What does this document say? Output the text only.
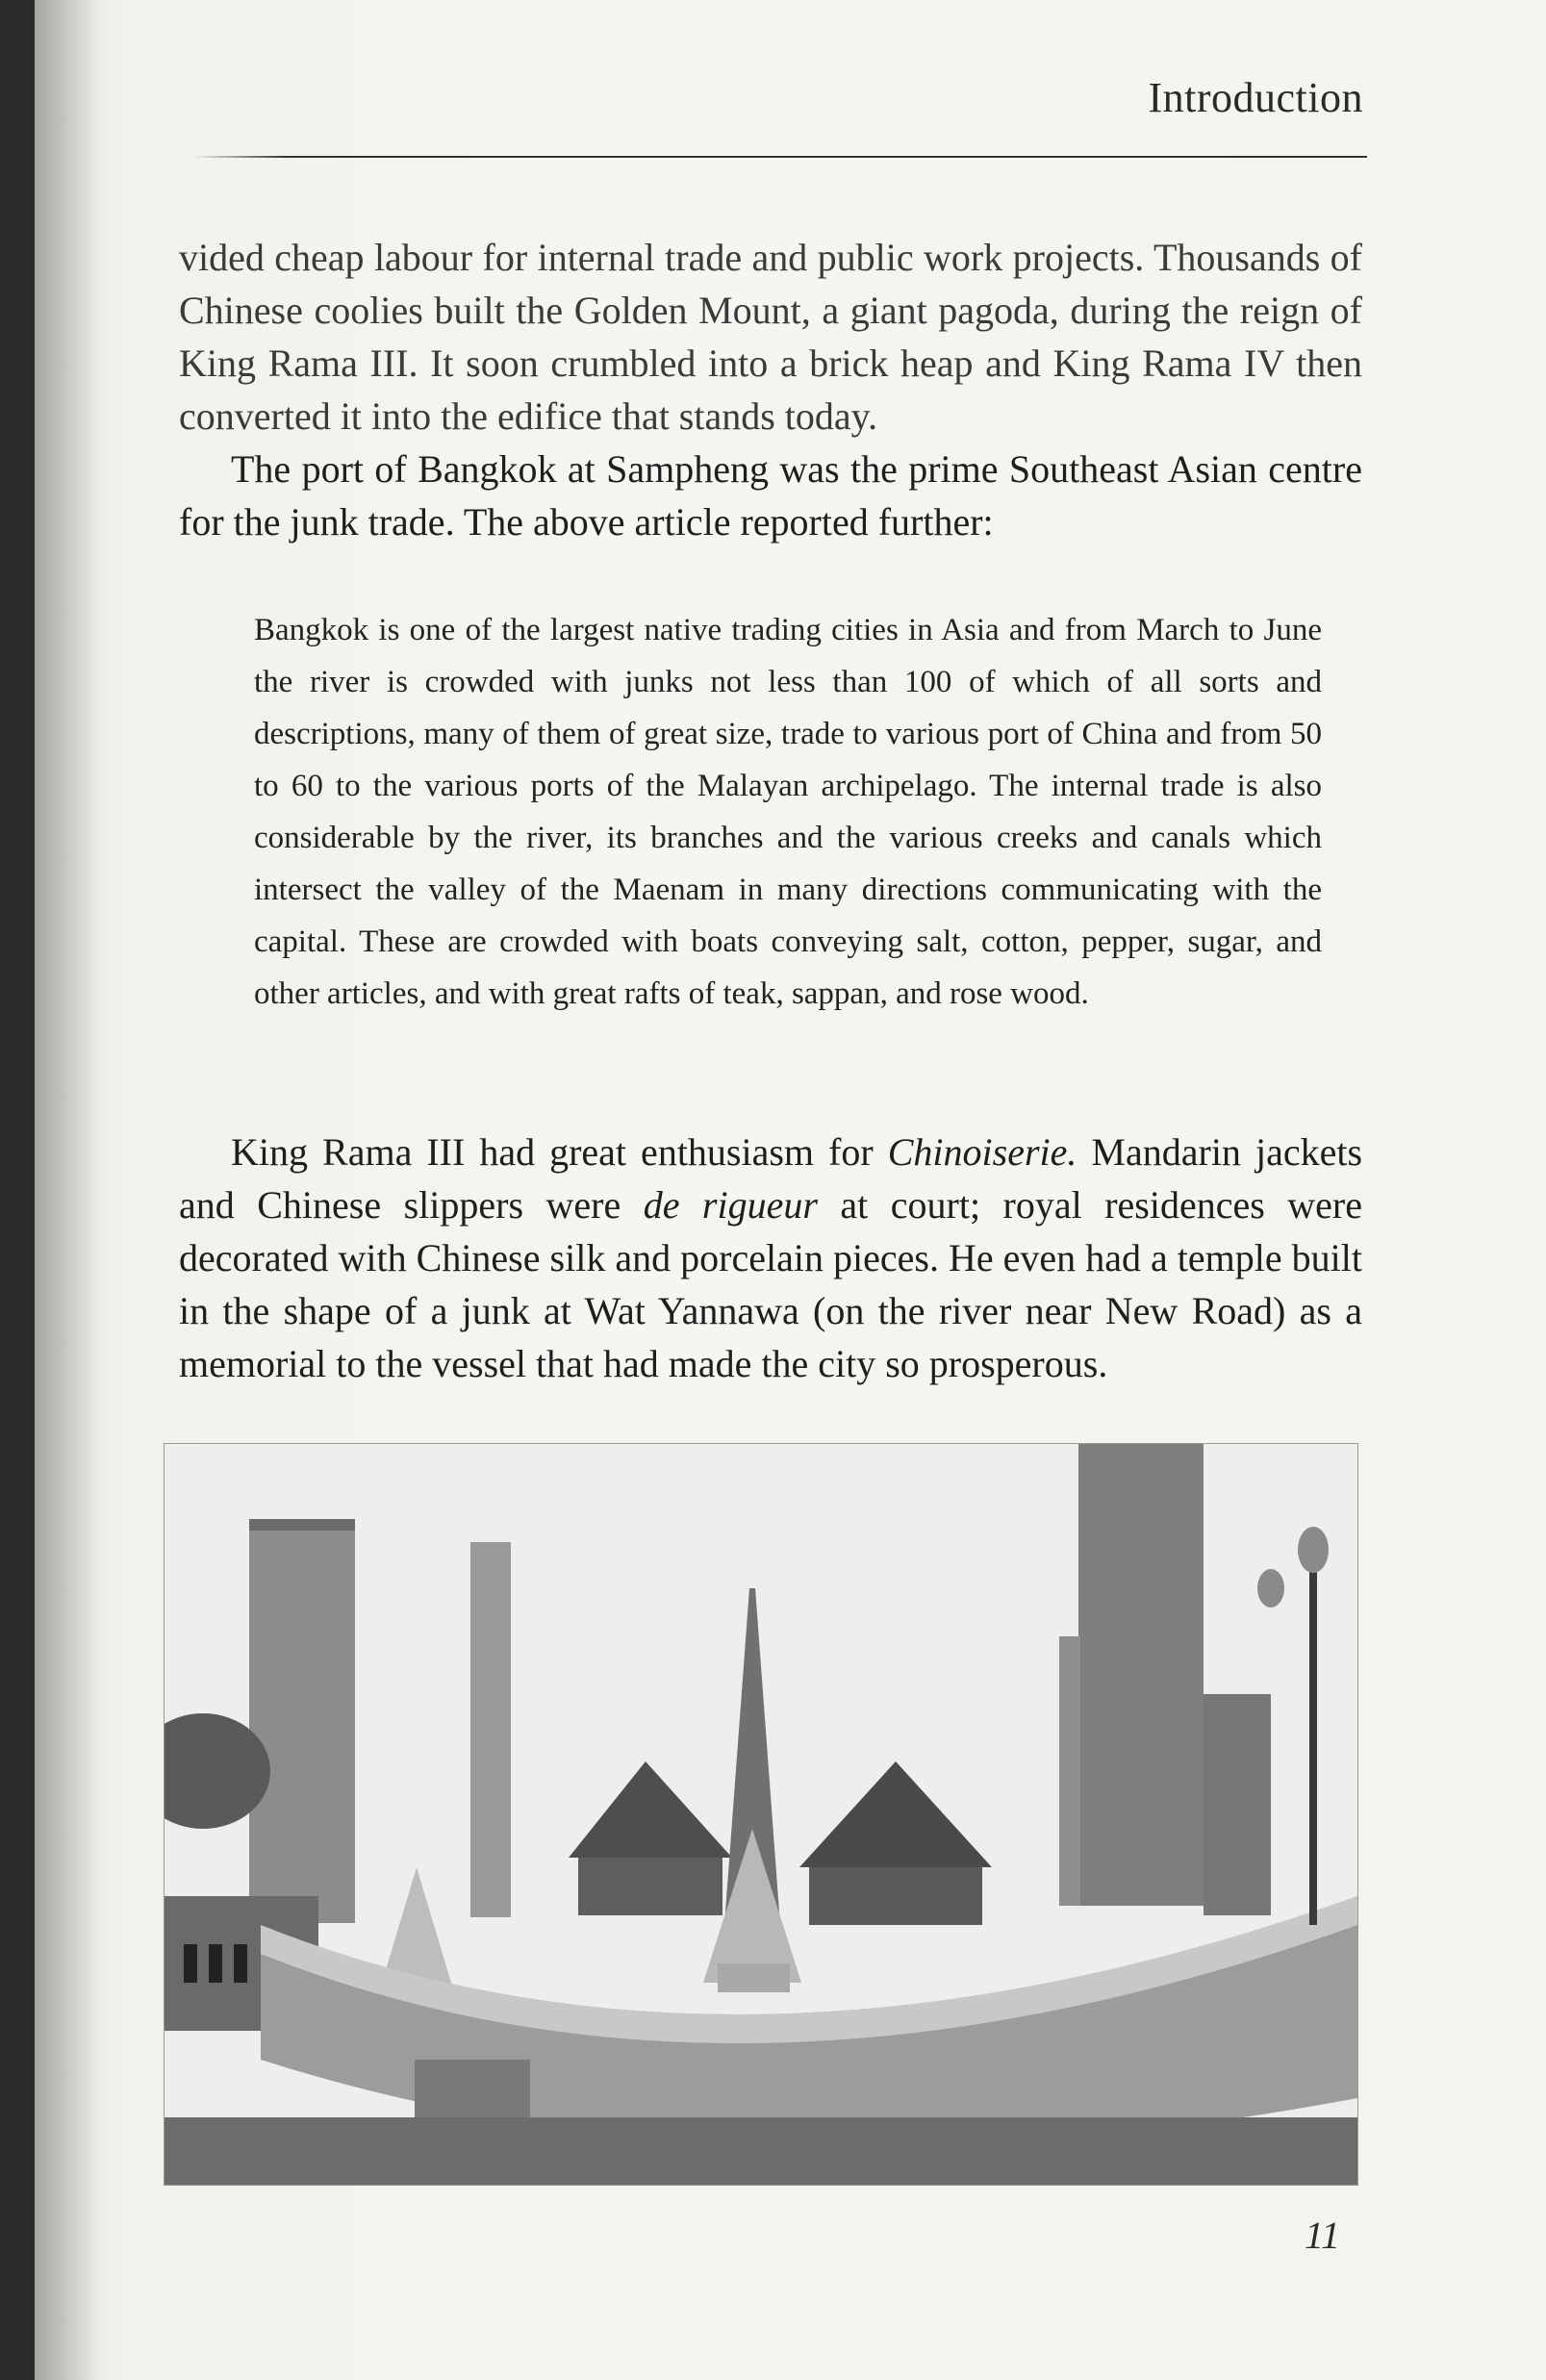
Introduction

vided cheap labour for internal trade and public work projects. Thousands of Chinese coolies built the Golden Mount, a giant pagoda, during the reign of King Rama III. It soon crumbled into a brick heap and King Rama IV then converted it into the edifice that stands today.

The port of Bangkok at Sampheng was the prime Southeast Asian centre for the junk trade. The above article reported further:

Bangkok is one of the largest native trading cities in Asia and from March to June the river is crowded with junks not less than 100 of which of all sorts and descriptions, many of them of great size, trade to various port of China and from 50 to 60 to the various ports of the Malayan archipelago. The internal trade is also considerable by the river, its branches and the various creeks and canals which intersect the valley of the Maenam in many directions communicating with the capital. These are crowded with boats conveying salt, cotton, pepper, sugar, and other articles, and with great rafts of teak, sappan, and rose wood.

King Rama III had great enthusiasm for Chinoiserie. Mandarin jackets and Chinese slippers were de rigueur at court; royal residences were decorated with Chinese silk and porcelain pieces. He even had a temple built in the shape of a junk at Wat Yannawa (on the river near New Road) as a memorial to the vessel that had made the city so prosperous.

11
